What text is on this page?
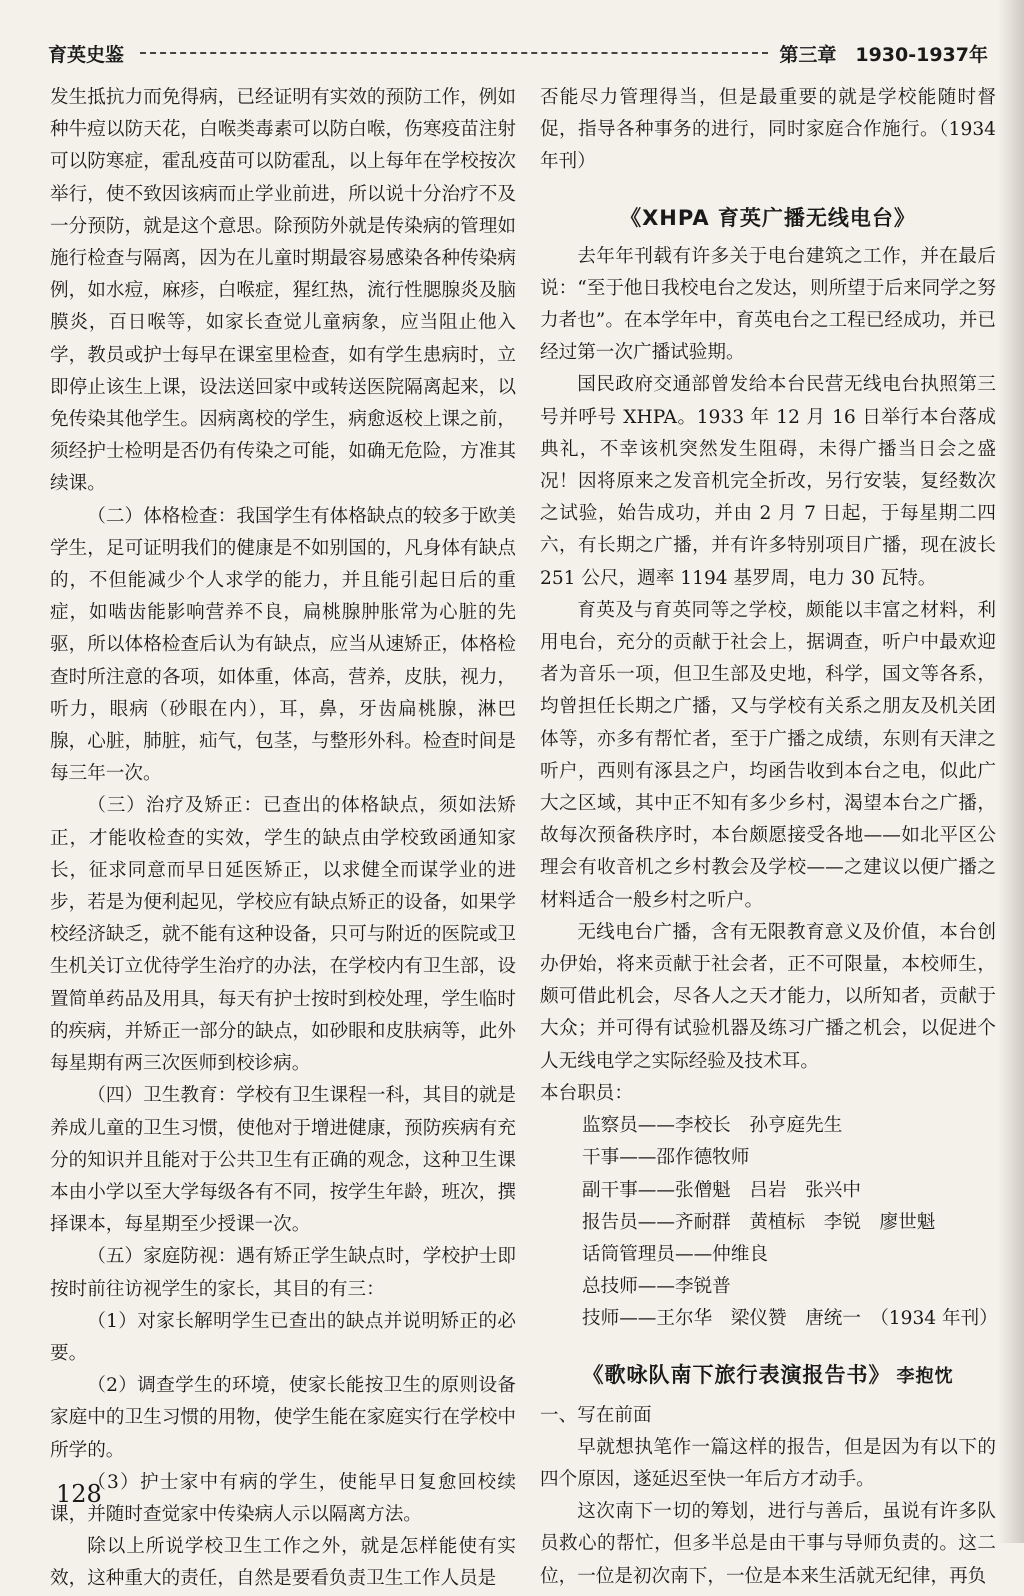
育英史鉴	第三章　1930-1937年

发生抵抗力而免得病，已经证明有实效的预防工作，例如种牛痘以防天花，白喉类毒素可以防白喉，伤寒疫苗注射可以防寒症，霍乱疫苗可以防霍乱，以上每年在学校按次举行，使不致因该病而止学业前进，所以说十分治疗不及一分预防，就是这个意思。除预防外就是传染病的管理如施行检查与隔离，因为在儿童时期最容易感染各种传染病例，如水痘，麻疹，白喉症，猩红热，流行性腮腺炎及脑膜炎，百日喉等，如家长查觉儿童病象，应当阻止他入学，教员或护士每早在课室里检查，如有学生患病时，立即停止该生上课，设法送回家中或转送医院隔离起来，以免传染其他学生。因病离校的学生，病愈返校上课之前，须经护士检明是否仍有传染之可能，如确无危险，方准其续课。

（二）体格检查：我国学生有体格缺点的较多于欧美学生，足可证明我们的健康是不如别国的，凡身体有缺点的，不但能减少个人求学的能力，并且能引起日后的重症，如啮齿能影响营养不良，扁桃腺肿胀常为心脏的先驱，所以体格检查后认为有缺点，应当从速矫正，体格检查时所注意的各项，如体重，体高，营养，皮肤，视力，听力，眼病（砂眼在内），耳，鼻，牙齿扁桃腺，淋巴腺，心脏，肺脏，疝气，包茎，与整形外科。检查时间是每三年一次。

（三）治疗及矫正：已查出的体格缺点，须如法矫正，才能收检查的实效，学生的缺点由学校致函通知家长，征求同意而早日延医矫正，以求健全而谋学业的进步，若是为便利起见，学校应有缺点矫正的设备，如果学校经济缺乏，就不能有这种设备，只可与附近的医院或卫生机关订立优待学生治疗的办法，在学校内有卫生部，设置简单药品及用具，每天有护士按时到校处理，学生临时的疾病，并矫正一部分的缺点，如砂眼和皮肤病等，此外每星期有两三次医师到校诊病。

（四）卫生教育：学校有卫生课程一科，其目的就是养成儿童的卫生习惯，使他对于增进健康，预防疾病有充分的知识并且能对于公共卫生有正确的观念，这种卫生课本由小学以至大学每级各有不同，按学生年龄，班次，撰择课本，每星期至少授课一次。

（五）家庭防视：遇有矫正学生缺点时，学校护士即按时前往访视学生的家长，其目的有三：

（1）对家长解明学生已查出的缺点并说明矫正的必要。

（2）调查学生的环境，使家长能按卫生的原则设备家庭中的卫生习惯的用物，使学生能在家庭实行在学校中所学的。

（3）护士家中有病的学生，使能早日复愈回校续课，并随时查觉家中传染病人示以隔离方法。

除以上所说学校卫生工作之外，就是怎样能使有实效，这种重大的责任，自然是要看负责卫生工作人员是

否能尽力管理得当，但是最重要的就是学校能随时督促，指导各种事务的进行，同时家庭合作施行。（1934年刊）

《XHPA 育英广播无线电台》

去年年刊载有许多关于电台建筑之工作，并在最后说：“至于他日我校电台之发达，则所望于后来同学之努力者也”。在本学年中，育英电台之工程已经成功，并已经过第一次广播试验期。

国民政府交通部曾发给本台民营无线电台执照第三号并呼号 XHPA。1933 年 12 月 16 日举行本台落成典礼，不幸该机突然发生阻碍，未得广播当日会之盛况！因将原来之发音机完全折改，另行安装，复经数次之试验，始告成功，并由 2 月 7 日起，于每星期二四六，有长期之广播，并有许多特别项目广播，现在波长 251 公尺，週率 1194 基罗周，电力 30 瓦特。

育英及与育英同等之学校，颇能以丰富之材料，利用电台，充分的贡献于社会上，据调查，听户中最欢迎者为音乐一项，但卫生部及史地，科学，国文等各系，均曾担任长期之广播，又与学校有关系之朋友及机关团体等，亦多有帮忙者，至于广播之成绩，东则有天津之听户，西则有涿县之户，均函告收到本台之电，似此广大之区域，其中正不知有多少乡村，渴望本台之广播，故每次预备秩序时，本台颇愿接受各地——如北平区公理会有收音机之乡村教会及学校——之建议以便广播之材料适合一般乡村之听户。

无线电台广播，含有无限教育意义及价值，本台创办伊始，将来贡献于社会者，正不可限量，本校师生，颇可借此机会，尽各人之天才能力，以所知者，贡献于大众；并可得有试验机器及练习广播之机会，以促进个人无线电学之实际经验及技术耳。

本台职员：

监察员——李校长　孙亨庭先生
干事——邵作德牧师
副干事——张僧魁　吕岩　张兴中
报告员——齐耐群　黄植标　李锐　廖世魁
话筒管理员——仲维良
总技师——李锐普
技师——王尔华　梁仪赞　唐统一　（1934 年刊）
《歌咏队南下旅行表演报告书》 李抱忱

一、写在前面

早就想执笔作一篇这样的报告，但是因为有以下的四个原因，遂延迟至快一年后方才动手。

这次南下一切的筹划，进行与善后，虽说有许多队员救心的帮忙，但多半总是由干事与导师负责的。这二位，一位是初次南下，一位是本来生活就无纪律，再负

128
